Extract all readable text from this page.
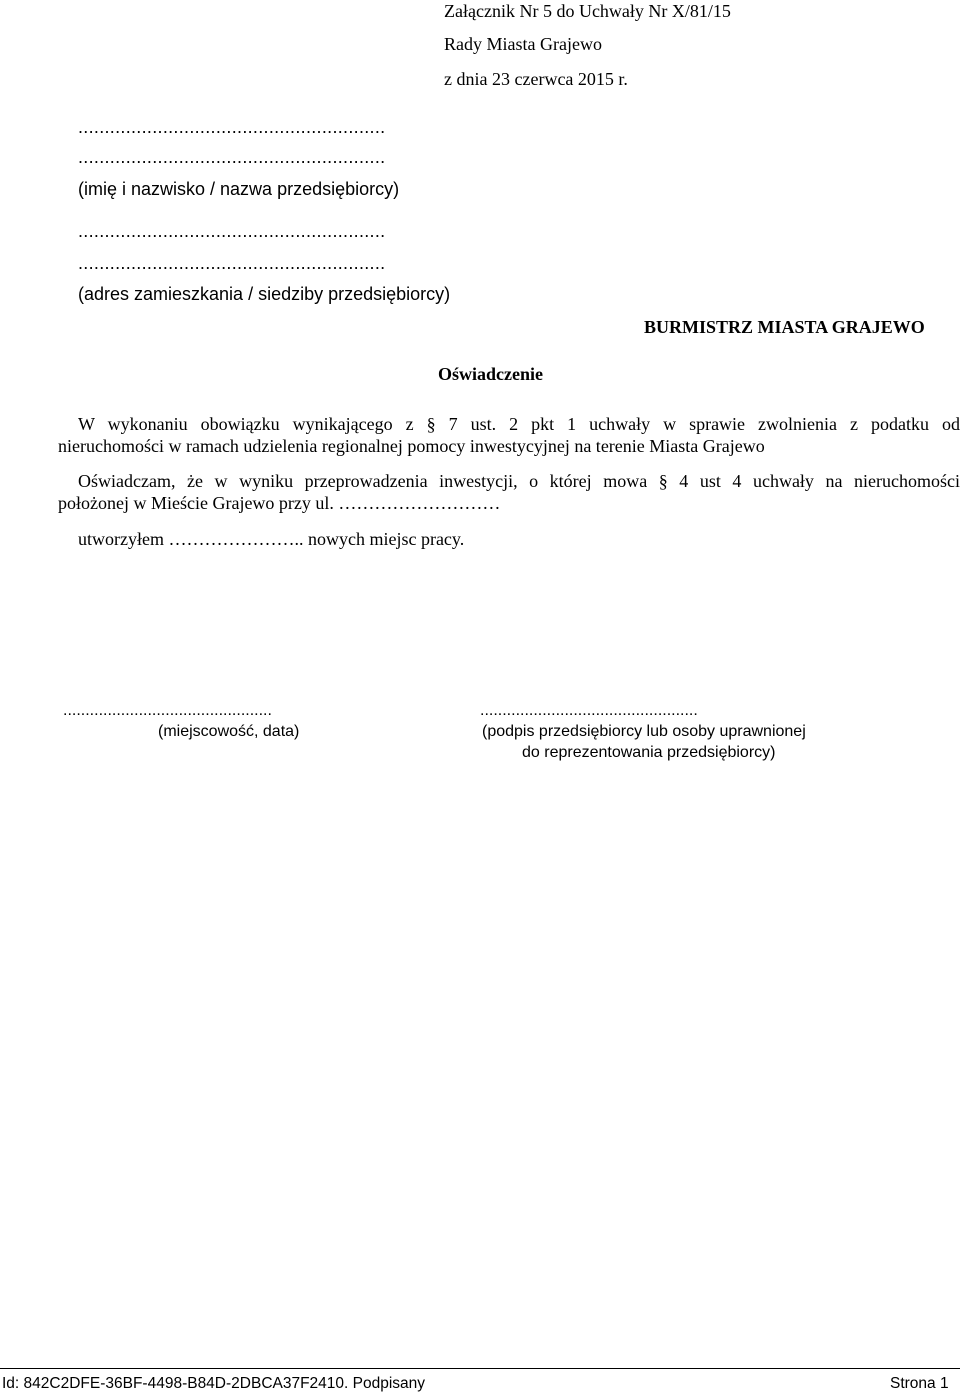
Załącznik Nr 5 do Uchwały Nr X/81/15
Rady Miasta Grajewo
z dnia 23 czerwca 2015 r.
..........................................................
..........................................................
(imię i nazwisko / nazwa przedsiębiorcy)
..........................................................
..........................................................
(adres zamieszkania / siedziby przedsiębiorcy)
BURMISTRZ MIASTA GRAJEWO
Oświadczenie
W wykonaniu obowiązku wynikającego z § 7 ust. 2 pkt 1 uchwały w sprawie zwolnienia z podatku od
nieruchomości w ramach udzielenia regionalnej pomocy inwestycyjnej na terenie Miasta Grajewo
Oświadczam, że w wyniku przeprowadzenia inwestycji, o której mowa § 4 ust 4 uchwały na nieruchomości
położonej w Mieście Grajewo przy ul. ………………………
utworzyłem ………………….. nowych miejsc pracy.
...............................................
(miejscowość, data)
.................................................
(podpis przedsiębiorcy lub osoby uprawnionej
do reprezentowania przedsiębiorcy)
Id: 842C2DFE-36BF-4498-B84D-2DBCA37F2410. Podpisany	Strona 1
